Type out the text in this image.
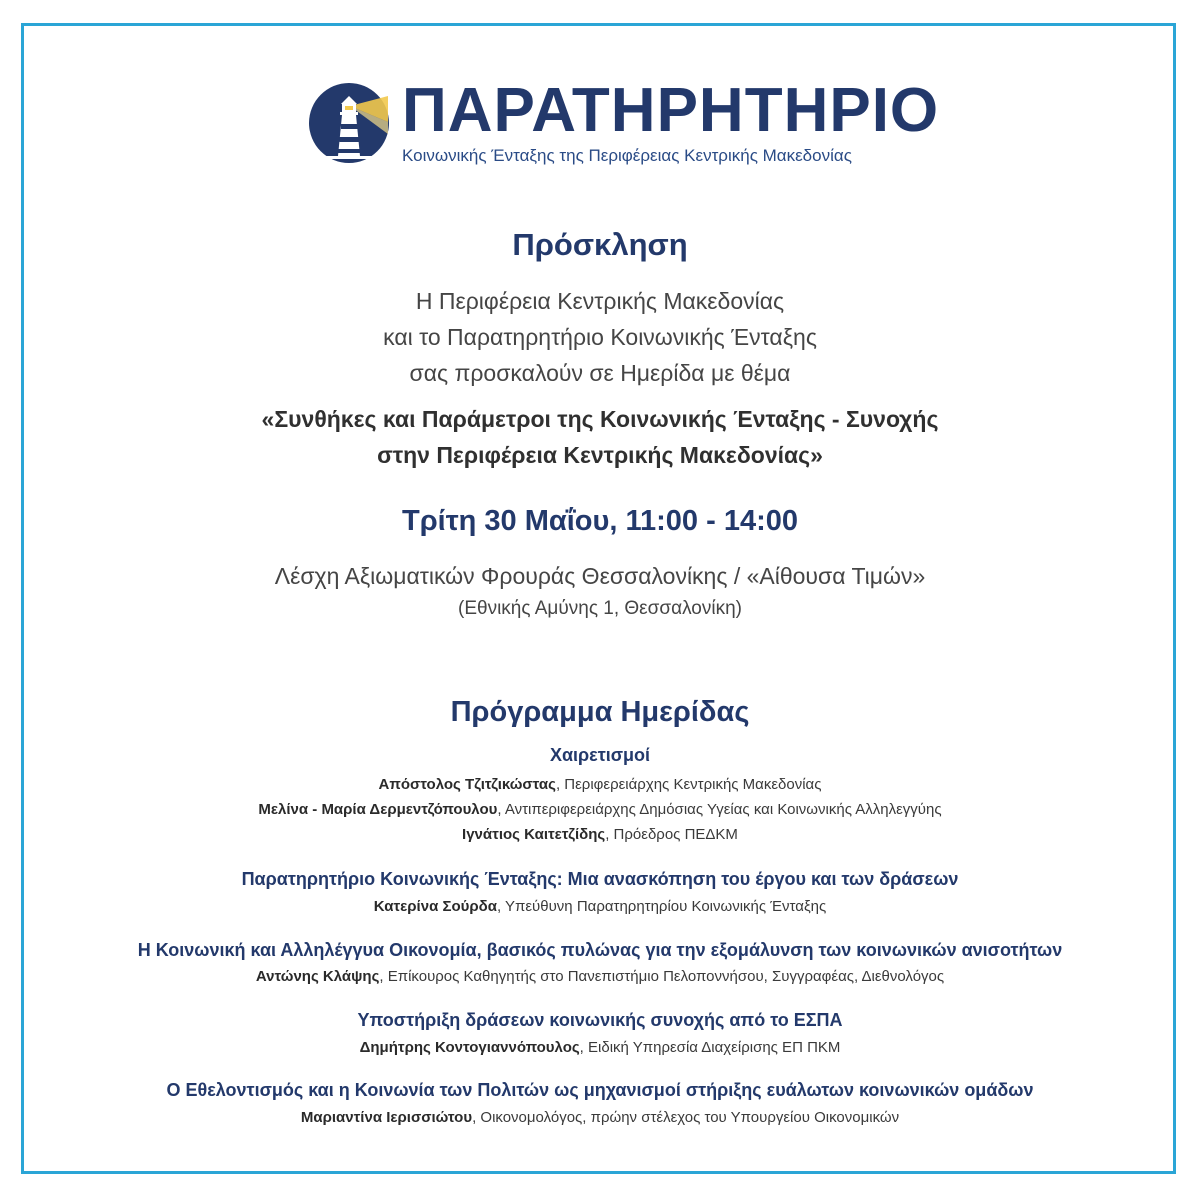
ΠΑΡΑΤΗΡΗΤΗΡΙΟ
Κοινωνικής Ένταξης της Περιφέρειας Κεντρικής Μακεδονίας
Πρόσκληση
Η Περιφέρεια Κεντρικής Μακεδονίας
και το Παρατηρητήριο Κοινωνικής Ένταξης
σας προσκαλούν σε Ημερίδα με θέμα
«Συνθήκες και Παράμετροι της Κοινωνικής Ένταξης - Συνοχής
στην Περιφέρεια Κεντρικής Μακεδονίας»
Τρίτη 30 Μαΐου, 11:00 - 14:00
Λέσχη Αξιωματικών Φρουράς Θεσσαλονίκης / «Αίθουσα Τιμών»
(Εθνικής Αμύνης 1, Θεσσαλονίκη)
Πρόγραμμα Ημερίδας
Χαιρετισμοί
Απόστολος Τζιτζικώστας, Περιφερειάρχης Κεντρικής Μακεδονίας
Μελίνα - Μαρία Δερμεντζόπουλου, Αντιπεριφερειάρχης Δημόσιας Υγείας και Κοινωνικής Αλληλεγγύης
Ιγνάτιος Καιτετζίδης, Πρόεδρος ΠΕΔΚΜ
Παρατηρητήριο Κοινωνικής Ένταξης: Μια ανασκόπηση του έργου και των δράσεων
Κατερίνα Σούρδα, Υπεύθυνη Παρατηρητηρίου Κοινωνικής Ένταξης
Η Κοινωνική και Αλληλέγγυα Οικονομία, βασικός πυλώνας για την εξομάλυνση των κοινωνικών ανισοτήτων
Αντώνης Κλάψης, Επίκουρος Καθηγητής στο Πανεπιστήμιο Πελοποννήσου, Συγγραφέας, Διεθνολόγος
Υποστήριξη δράσεων κοινωνικής συνοχής από το ΕΣΠΑ
Δημήτρης Κοντογιαννόπουλος, Ειδική Υπηρεσία Διαχείρισης ΕΠ ΠΚΜ
Ο Εθελοντισμός και η Κοινωνία των Πολιτών ως μηχανισμοί στήριξης ευάλωτων κοινωνικών ομάδων
Μαριαντίνα Ιερισσιώτου, Οικονομολόγος, πρώην στέλεχος του Υπουργείου Οικονομικών
